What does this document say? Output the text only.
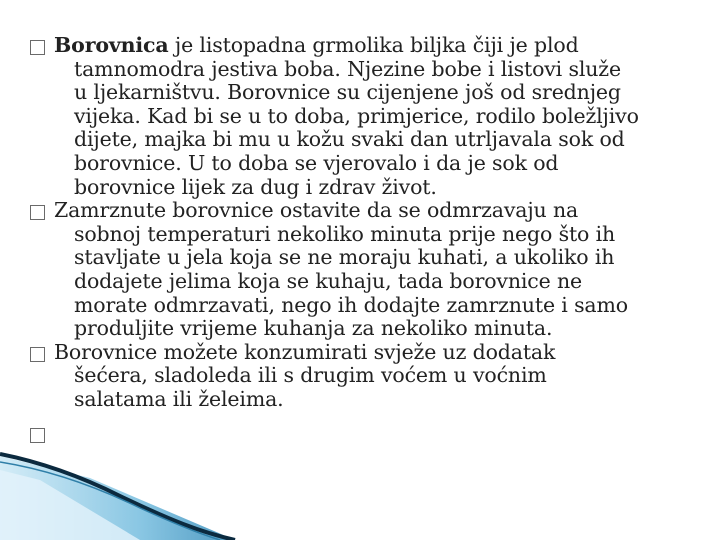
Borovnica je listopadna grmolika biljka čiji je plod
tamnomodra jestiva boba. Njezine bobe i listovi služe
u ljekarništvu. Borovnice su cijenjene još od srednjeg
vijeka. Kad bi se u to doba, primjerice, rodilo boležljivo
dijete, majka bi mu u kožu svaki dan utrljavala sok od
borovnice. U to doba se vjerovalo i da je sok od
borovnice lijek za dug i zdrav život.

Zamrznute borovnice ostavite da se odmrzavaju na
sobnoj temperaturi nekoliko minuta prije nego što ih
stavljate u jela koja se ne moraju kuhati, a ukoliko ih
dodajete jelima koja se kuhaju, tada borovnice ne
morate odmrzavati, nego ih dodajte zamrznute i samo
produljite vrijeme kuhanja za nekoliko minuta.

Borovnice možete konzumirati svježe uz dodatak
šećera, sladoleda ili s drugim voćem u voćnim
salatama ili želeima.
